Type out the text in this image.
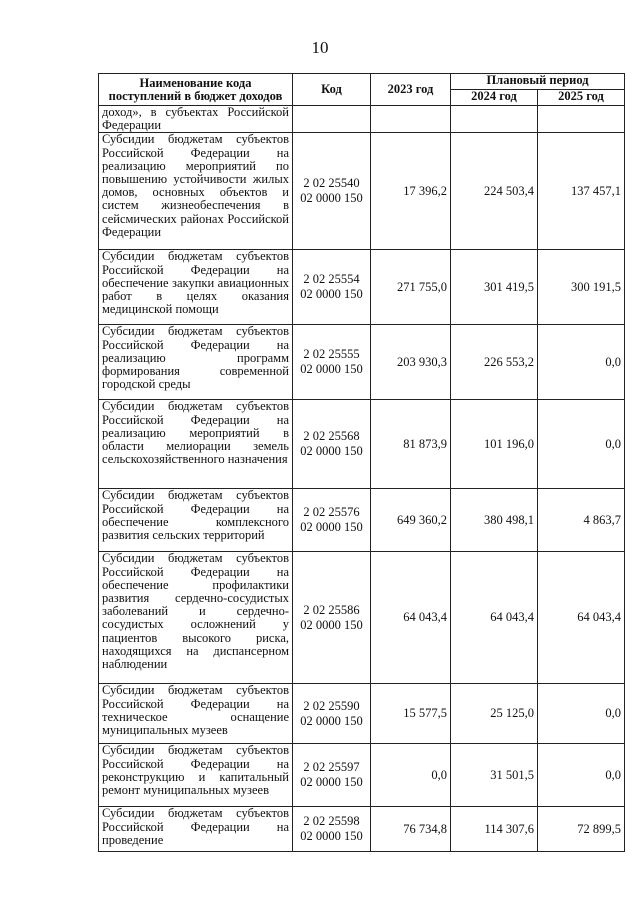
10
Наименование кода поступлений в бюджет доходов	Код	2023 год	Плановый период	
			2024 год	2025 год

доход», в субъектах Российской Федерации				

Субсидии бюджетам субъектов Российской Федерации на реализацию мероприятий по повышению устойчивости жилых домов, основных объектов и систем жизнеобеспечения в сейсмических районах Российской Федерации	2 02 25540
02 0000 150	17 396,2	224 503,4	137 457,1

Субсидии бюджетам субъектов Российской Федерации на обеспечение закупки авиационных работ в целях оказания медицинской помощи	2 02 25554
02 0000 150	271 755,0	301 419,5	300 191,5

Субсидии бюджетам субъектов Российской Федерации на реализацию программ формирования современной городской среды	2 02 25555
02 0000 150	203 930,3	226 553,2	0,0

Субсидии бюджетам субъектов Российской Федерации на реализацию мероприятий в области мелиорации земель сельскохозяйственного назначения	2 02 25568
02 0000 150	81 873,9	101 196,0	0,0

Субсидии бюджетам субъектов Российской Федерации на обеспечение комплексного развития сельских территорий	2 02 25576
02 0000 150	649 360,2	380 498,1	4 863,7

Субсидии бюджетам субъектов Российской Федерации на обеспечение профилактики развития сердечно-сосудистых заболеваний и сердечно-сосудистых осложнений у пациентов высокого риска, находящихся на диспансерном наблюдении	2 02 25586
02 0000 150	64 043,4	64 043,4	64 043,4

Субсидии бюджетам субъектов Российской Федерации на техническое оснащение муниципальных музеев	2 02 25590
02 0000 150	15 577,5	25 125,0	0,0

Субсидии бюджетам субъектов Российской Федерации на реконструкцию и капитальный ремонт муниципальных музеев	2 02 25597
02 0000 150	0,0	31 501,5	0,0

Субсидии бюджетам субъектов Российской Федерации на проведение	2 02 25598
02 0000 150	76 734,8	114 307,6	72 899,5
